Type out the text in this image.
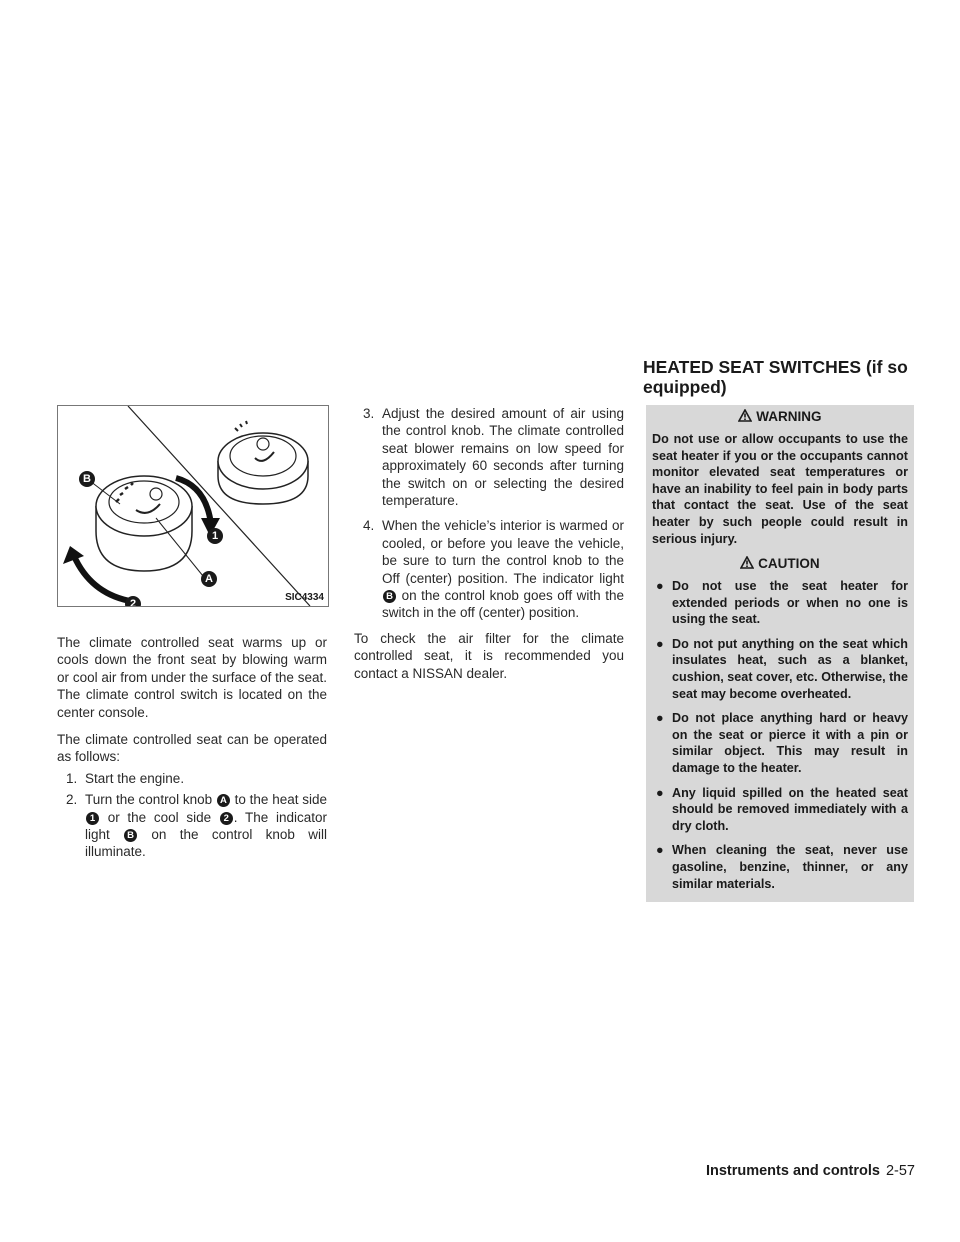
B
1
A
2
SIC4334

The climate controlled seat warms up or cools down the front seat by blowing warm or cool air from under the surface of the seat. The climate control switch is located on the center console.

The climate controlled seat can be operated as follows:

1. Start the engine.
2. Turn the control knob A to the heat side 1 or the cool side 2 . The indicator light B on the control knob will illuminate.
3. Adjust the desired amount of air using the control knob. The climate controlled seat blower remains on low speed for approximately 60 seconds after turning the switch on or selecting the desired temperature.
4. When the vehicle’s interior is warmed or cooled, or before you leave the vehicle, be sure to turn the control knob to the Off (center) position. The indicator light B on the control knob goes off with the switch in the off (center) position.

To check the air filter for the climate controlled seat, it is recommended you contact a NISSAN dealer.

HEATED SEAT SWITCHES (if so equipped)
WARNING
Do not use or allow occupants to use the seat heater if you or the occupants cannot monitor elevated seat temperatures or have an inability to feel pain in body parts that contact the seat. Use of the seat heater by such people could result in serious injury.
CAUTION
● Do not use the seat heater for extended periods or when no one is using the seat.
● Do not put anything on the seat which insulates heat, such as a blanket, cushion, seat cover, etc. Otherwise, the seat may become overheated.
● Do not place anything hard or heavy on the seat or pierce it with a pin or similar object. This may result in damage to the heater.
● Any liquid spilled on the heated seat should be removed immediately with a dry cloth.
● When cleaning the seat, never use gasoline, benzine, thinner, or any similar materials.
Instruments and controls 2-57
